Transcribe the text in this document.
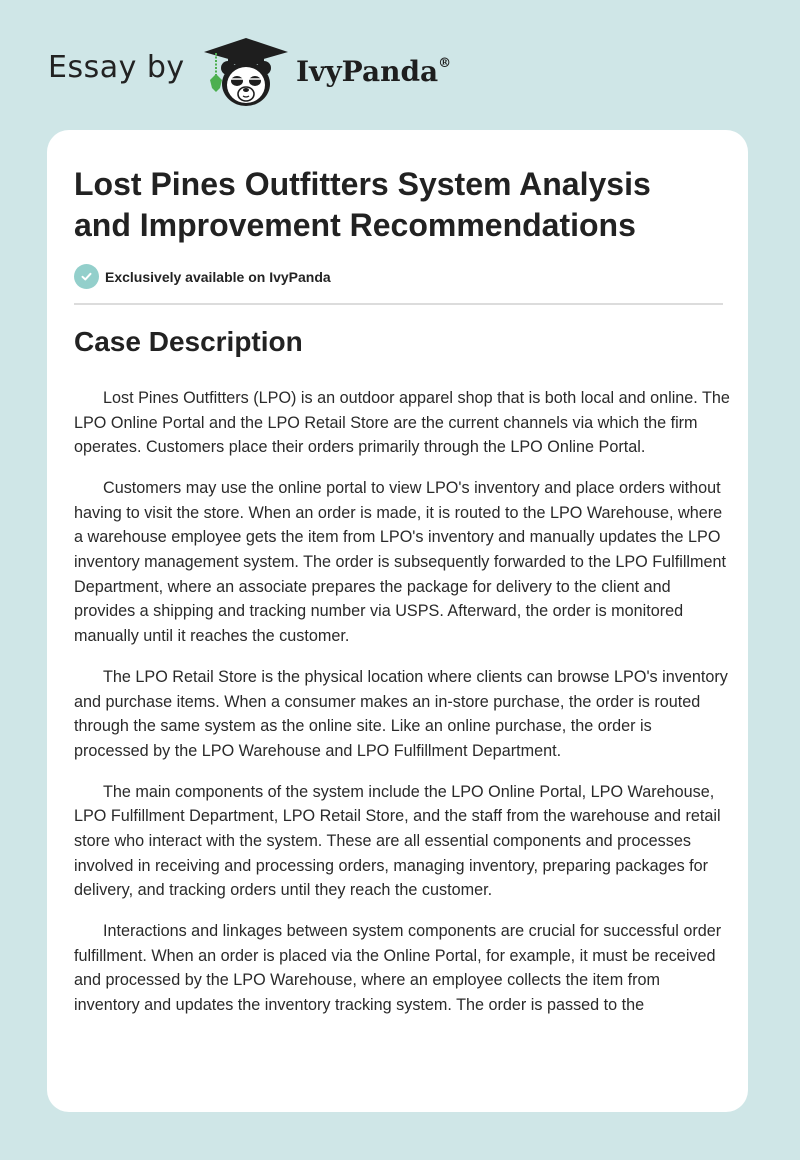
Essay by	IvyPanda®
Lost Pines Outfitters System Analysis and Improvement Recommendations
Exclusively available on IvyPanda
Case Description

Lost Pines Outfitters (LPO) is an outdoor apparel shop that is both local and online. The LPO Online Portal and the LPO Retail Store are the current channels via which the firm operates. Customers place their orders primarily through the LPO Online Portal.

Customers may use the online portal to view LPO's inventory and place orders without having to visit the store. When an order is made, it is routed to the LPO Warehouse, where a warehouse employee gets the item from LPO's inventory and manually updates the LPO inventory management system. The order is subsequently forwarded to the LPO Fulfillment Department, where an associate prepares the package for delivery to the client and provides a shipping and tracking number via USPS. Afterward, the order is monitored manually until it reaches the customer.

The LPO Retail Store is the physical location where clients can browse LPO's inventory and purchase items. When a consumer makes an in-store purchase, the order is routed through the same system as the online site. Like an online purchase, the order is processed by the LPO Warehouse and LPO Fulfillment Department.

The main components of the system include the LPO Online Portal, LPO Warehouse, LPO Fulfillment Department, LPO Retail Store, and the staff from the warehouse and retail store who interact with the system. These are all essential components and processes involved in receiving and processing orders, managing inventory, preparing packages for delivery, and tracking orders until they reach the customer.

Interactions and linkages between system components are crucial for successful order fulfillment. When an order is placed via the Online Portal, for example, it must be received and processed by the LPO Warehouse, where an employee collects the item from inventory and updates the inventory tracking system. The order is passed to the
